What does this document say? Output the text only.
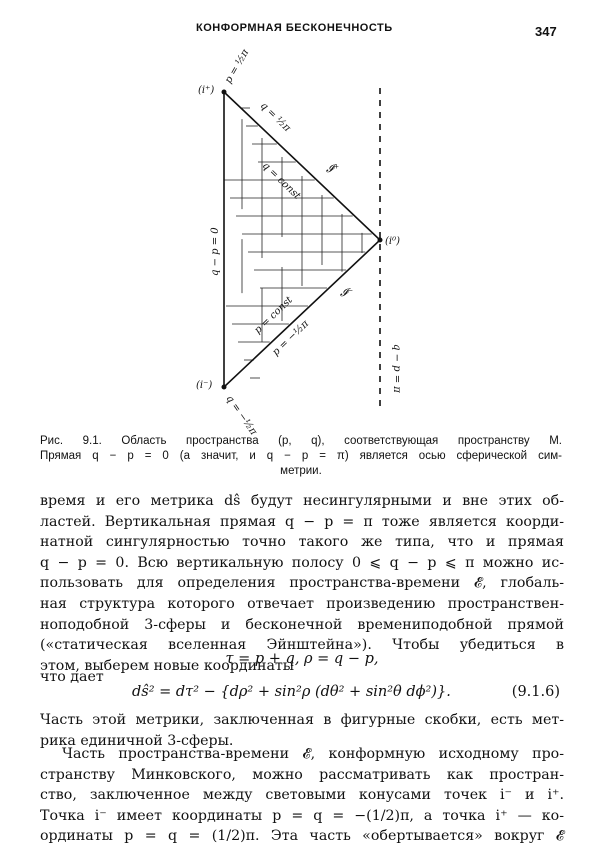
КОНФОРМНАЯ БЕСКОНЕЧНОСТЬ	347
(i⁺)
(i⁻)
(i⁰)
p = ½π
q = ½π
q = const 𝓘⁺
q − p = 0
𝓘⁻
q − p = π
p = const
p = −½π
q = −½π
Рис. 9.1. Область пространства (p, q), соответствующая пространству M.
Прямая q − p = 0 (а значит, и q − p = π) является осью сферической сим-
метрии.
время и его метрика dŝ будут несингулярными и вне этих об-
ластей. Вертикальная прямая q − p = π тоже является коорди-
натной сингулярностью точно такого же типа, что и прямая
q − p = 0. Всю вертикальную полосу 0 ⩽ q − p ⩽ π можно ис-
пользовать для определения пространства-времени 𝓔, глобаль-
ная структура которого отвечает произведению пространствен-
ноподобной 3-сферы и бесконечной времениподобной прямой
(«статическая вселенная Эйнштейна»). Чтобы убедиться в
этом, выберем новые координаты
τ = p + q, ρ = q − p,
что дает
dŝ² = dτ² − {dρ² + sin²ρ (dθ² + sin²θ dϕ²)}.	(9.1.6)
Часть этой метрики, заключенная в фигурные скобки, есть мет-
рика единичной 3-сферы.
Часть пространства-времени 𝓔, конформную исходному про-
странству Минковского, можно рассматривать как простран-
ство, заключенное между световыми конусами точек i⁻ и i⁺.
Точка i⁻ имеет координаты p = q = −(1/2)π, а точка i⁺ — ко-
ординаты p = q = (1/2)π. Эта часть «обертывается» вокруг 𝓔
